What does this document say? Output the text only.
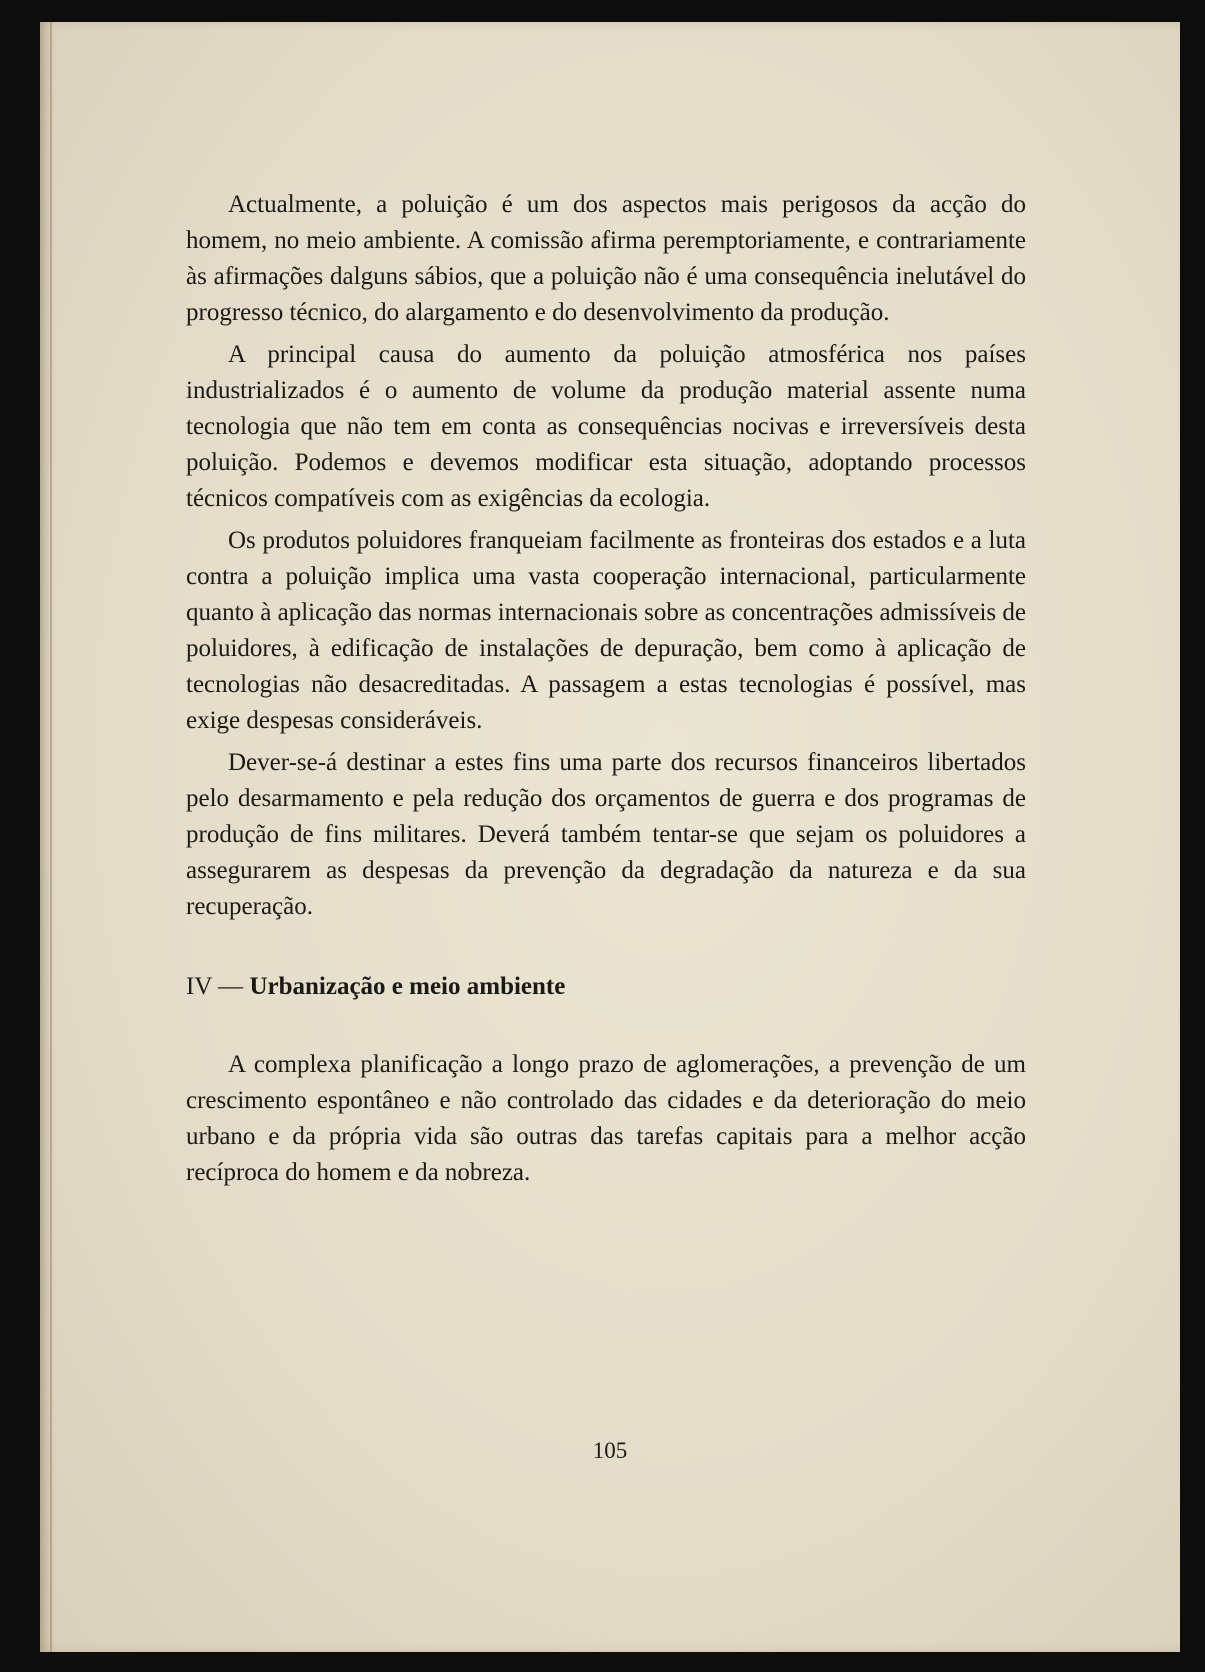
Actualmente, a poluição é um dos aspectos mais perigosos da acção do homem, no meio ambiente. A comissão afirma peremptoriamente, e contrariamente às afirmações dalguns sábios, que a poluição não é uma consequência inelutável do progresso técnico, do alargamento e do desenvolvimento da produção.

A principal causa do aumento da poluição atmosférica nos países industrializados é o aumento de volume da produção material assente numa tecnologia que não tem em conta as consequências nocivas e irreversíveis desta poluição. Podemos e devemos modificar esta situação, adoptando processos técnicos compatíveis com as exigências da ecologia.

Os produtos poluidores franqueiam facilmente as fronteiras dos estados e a luta contra a poluição implica uma vasta cooperação internacional, particularmente quanto à aplicação das normas internacionais sobre as concentrações admissíveis de poluidores, à edificação de instalações de depuração, bem como à aplicação de tecnologias não desacreditadas. A passagem a estas tecnologias é possível, mas exige despesas consideráveis.

Dever-se-á destinar a estes fins uma parte dos recursos financeiros libertados pelo desarmamento e pela redução dos orçamentos de guerra e dos programas de produção de fins militares. Deverá também tentar-se que sejam os poluidores a assegurarem as despesas da prevenção da degradação da natureza e da sua recuperação.

IV — Urbanização e meio ambiente

A complexa planificação a longo prazo de aglomerações, a prevenção de um crescimento espontâneo e não controlado das cidades e da deterioração do meio urbano e da própria vida são outras das tarefas capitais para a melhor acção recíproca do homem e da nobreza.

105
